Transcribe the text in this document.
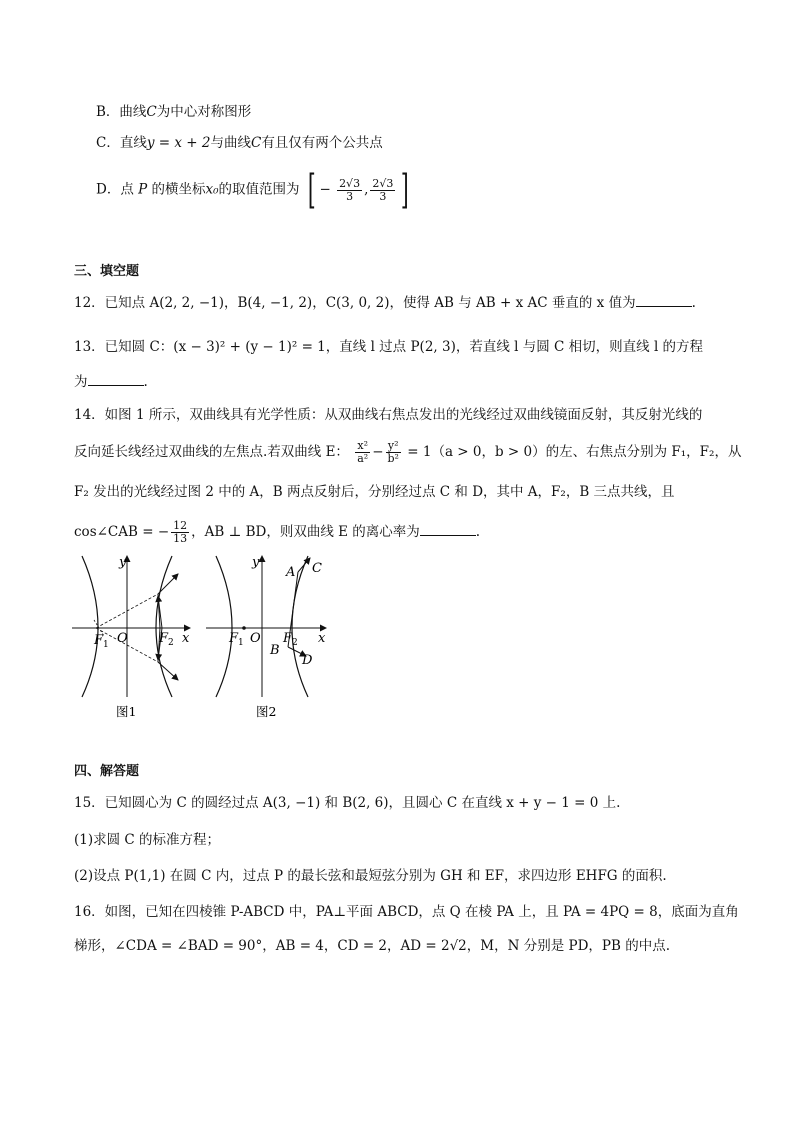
B．曲线C为中心对称图形
C．直线y = x + 2与曲线C有且仅有两个公共点
D．点 P 的横坐标x₀的取值范围为 [ − $\frac{2√3}{3}$ , $\frac{2√3}{3}$ ]
三、填空题
12．已知点 A(2, 2, −1)，B(4, −1, 2)，C(3, 0, 2)，使得 AB 与 AB + x AC 垂直的 x 值为	.
13．已知圆 C：(x − 3)² + (y − 1)² = 1，直线 l 过点 P(2, 3)，若直线 l 与圆 C 相切，则直线 l 的方程
为	.
14．如图 1 所示，双曲线具有光学性质：从双曲线右焦点发出的光线经过双曲线镜面反射，其反射光线的
反向延长线经过双曲线的左焦点.若双曲线 E： $\frac{\text{x²}}{\text{a²}} - \frac{\text{y²}}{\text{b²}} = 1(a > 0$，b > 0）的左、右焦点分别为 F₁，F₂，从
F₂ 发出的光线经过图 2 中的 A，B 两点反射后，分别经过点 C 和 D，其中 A，F₂，B 三点共线，且
cos∠CAB = − $\frac{12}{13}$ ，AB ⊥ BD，则双曲线 E 的离心率为	.
y
x
O
$F_1$	$F_2$
图1
y
x
O
$F_1$	$F_2$
A C
B
D
图2
四、解答题
15．已知圆心为 C 的圆经过点 A(3, −1) 和 B(2, 6)，且圆心 C 在直线 x + y − 1 = 0 上.
(1)求圆 C 的标准方程；
(2)设点 P(1,1) 在圆 C 内，过点 P 的最长弦和最短弦分别为 GH 和 EF，求四边形 EHFG 的面积.
16．如图，已知在四棱锥 P-ABCD 中，PA⊥平面 ABCD，点 Q 在棱 PA 上，且 PA = 4PQ = 8，底面为直角
梯形，∠CDA = ∠BAD = 90°，AB = 4，CD = 2，AD = 2√2，M，N 分别是 PD，PB 的中点.
